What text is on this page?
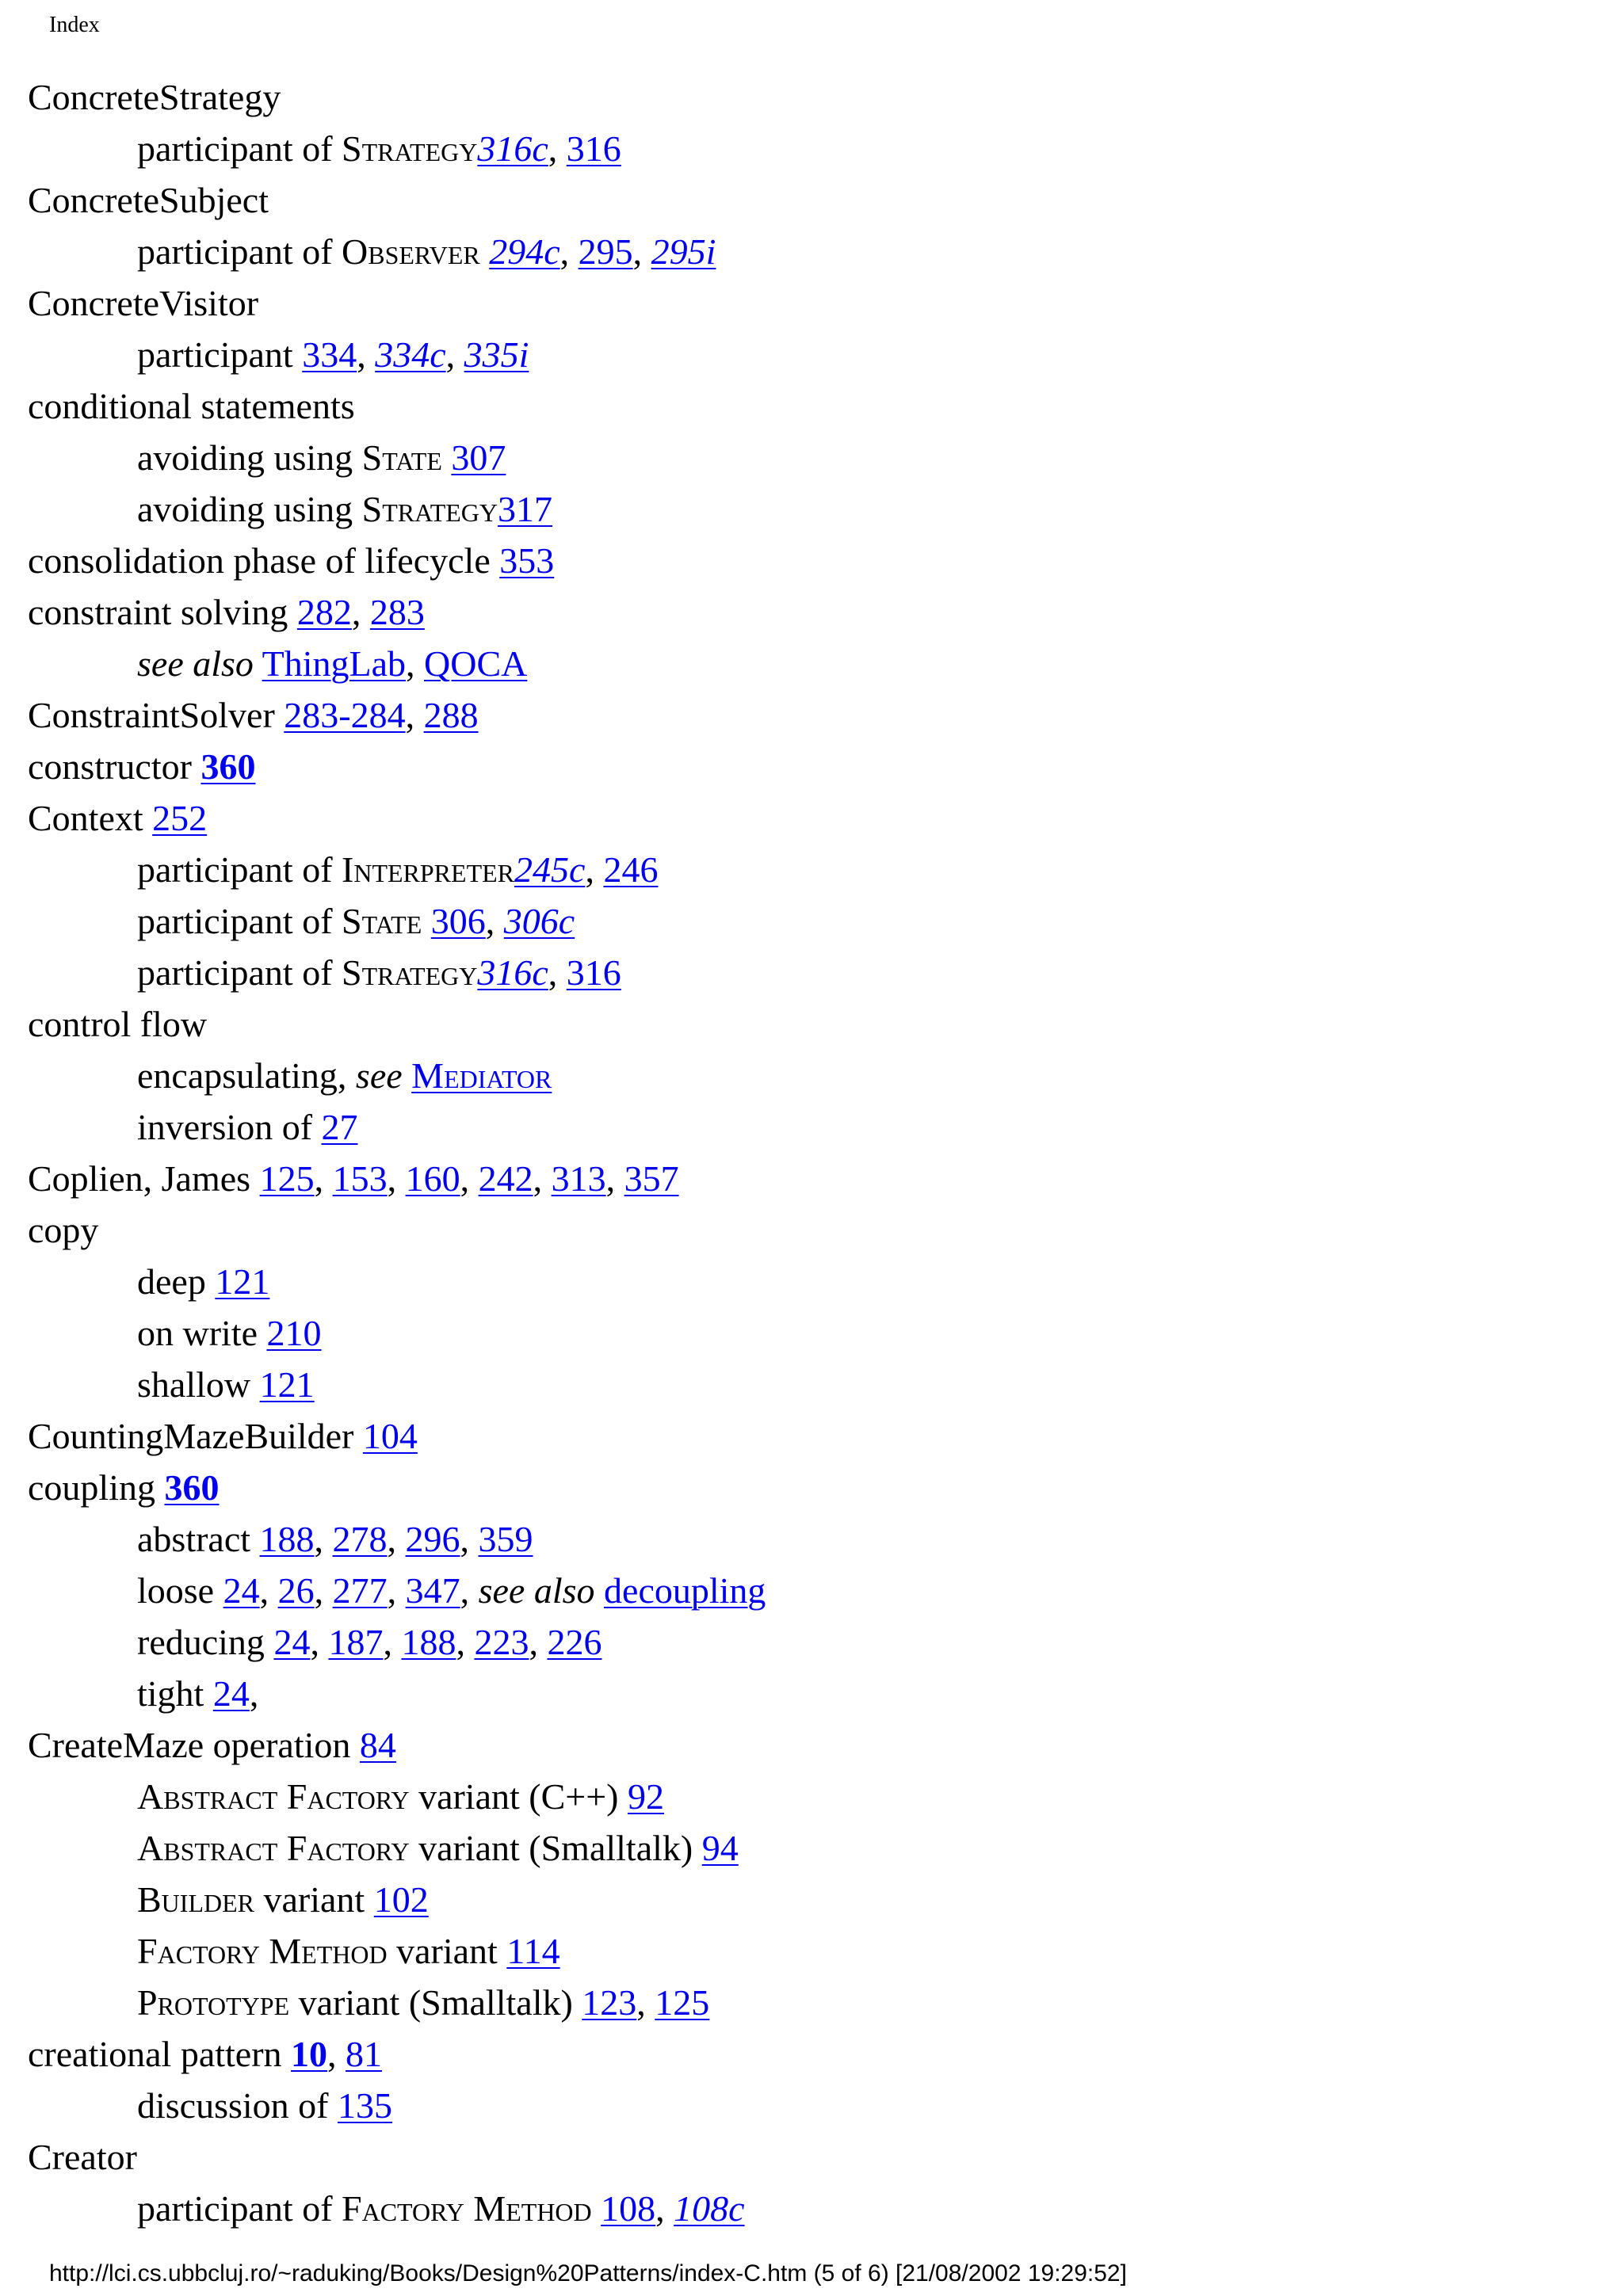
Index
ConcreteStrategy
participant of Strategy316c, 316
ConcreteSubject
participant of Observer 294c, 295, 295i
ConcreteVisitor
participant 334, 334c, 335i
conditional statements
avoiding using State 307
avoiding using Strategy317
consolidation phase of lifecycle 353
constraint solving 282, 283
see also ThingLab, QOCA
ConstraintSolver 283-284, 288
constructor 360
Context 252
participant of Interpreter245c, 246
participant of State 306, 306c
participant of Strategy316c, 316
control flow
encapsulating, see Mediator
inversion of 27
Coplien, James 125, 153, 160, 242, 313, 357
copy
deep 121
on write 210
shallow 121
CountingMazeBuilder 104
coupling 360
abstract 188, 278, 296, 359
loose 24, 26, 277, 347, see also decoupling
reducing 24, 187, 188, 223, 226
tight 24,
CreateMaze operation 84
Abstract Factory variant (C++) 92
Abstract Factory variant (Smalltalk) 94
Builder variant 102
Factory Method variant 114
Prototype variant (Smalltalk) 123, 125
creational pattern 10, 81
discussion of 135
Creator
participant of Factory Method 108, 108c
http://lci.cs.ubbcluj.ro/~raduking/Books/Design%20Patterns/index-C.htm (5 of 6) [21/08/2002 19:29:52]
